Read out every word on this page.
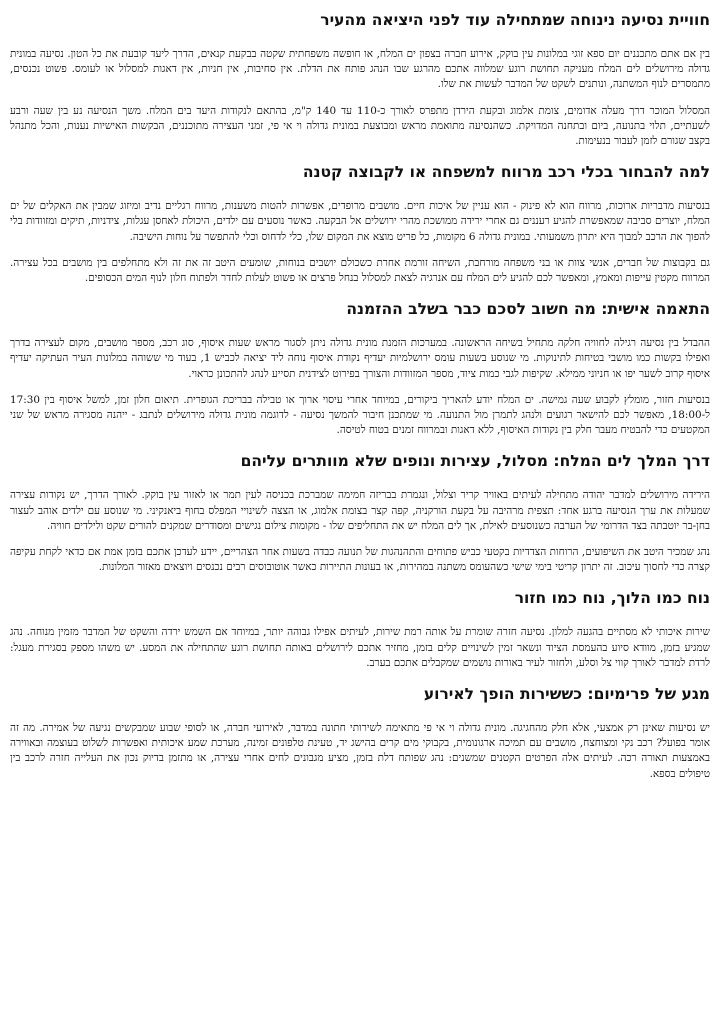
חוויית נסיעה נינוחה שמתחילה עוד לפני היציאה מהעיר

בין אם אתם מתכננים יום ספא זוגי במלונות עין בוקק, אירוע חברה בצפון ים המלח, או חופשה משפחתית שקטה בבקעת קנאים, הדרך ליעד קובעת את כל הטון. נסיעה במונית גדולה מירושלים לים המלח מעניקה תחושת רוגע שמלווה אתכם מהרגע שבו הנהג פותח את הדלת. אין סחיבות, אין חניות, אין דאגות למסלול או לעומס. פשוט נכנסים, מתמסרים לנוף המשתנה, ונותנים לשקט של המדבר לעשות את שלו.

המסלול המוכר דרך מעלה אדומים, צומת אלמוג ובקעת הירדן מתפרס לאורך כ-110 עד 140 ק"מ, בהתאם לנקודות היעד בים המלח. משך הנסיעה נע בין שעה ורבע לשעתיים, תלוי בתנועה, ביום ובתחנה המדויקת. כשהנסיעה מתואמת מראש ומבוצעת במונית גדולה וי אי פי, זמני העצירה מתוכננים, הבקשות האישיות נענות, והכל מתנהל בקצב שגורם לזמן לעבור בנעימות.

למה להבחור בכלי רכב מרווח למשפחה או לקבוצה קטנה

בנסיעות מדבריות ארוכות, מרווח הוא לא פינוק - הוא עניין של איכות חיים. מושבים מרופדים, אפשרות להטות משענות, מרווח רגליים נדיב ומיזוג שמבין את האקלים של ים המלח, יוצרים סביבה שמאפשרת להגיע רעננים גם אחרי ירידה ממושכת מהרי ירושלים אל הבקעה. כאשר נוסעים עם ילדים, היכולת לאחסן עגלות, צידניות, תיקים ומזוודות בלי להפוך את הרכב למבוך היא יתרון משמעותי. במונית גדולה 6 מקומות, כל פריט מוצא את המקום שלו, כלי לדחוס וכלי להתפשר על נוחות הישיבה.

גם בקבוצות של חברים, אנשי צוות או בני משפחה מורחבת, השיחה זורמת אחרת כשכולם יושבים בנוחות, שומעים היטב זה את זה ולא מתחלפים בין מושבים בכל עצירה. המרווח מקטין עייפות ומאמץ, ומאפשר לכם להגיע לים המלח עם אנרגיה לצאת למסלול בנחל פרצים או פשוט לעלות לחדר ולפתוח חלון לנוף המים הכסופים.

התאמה אישית: מה חשוב לסכם כבר בשלב ההזמנה

ההבדל בין נסיעה רגילה לחוויה חלקה מתחיל בשיחה הראשונה. במערכות הזמנת מונית גדולה ניתן לסגור מראש שעות איסוף, סוג רכב, מספר מושבים, מקום לעצירה בדרך ואפילו בקשות כמו מושבי בטיחות לתינוקות. מי שנוסע בשעות עומס ירושלמיות יעדיף נקודת איסוף נוחה ליד יציאה לכביש 1, בעוד מי ששוהה במלונות העיר העתיקה יעדיף איסוף קרוב לשער יפו או חניוני ממילא. שקיפות לגבי כמות ציוד, מספר המזוודות והצורך בפירוט לצידנית תסייע לנהג להתכונן כראוי.

בנסיעות חזור, מומלץ לקבוע שעה גמישה. ים המלח יודע להאריך ביקורים, במיוחד אחרי עיסוי ארוך או טבילה בבריכת הגופרית. תיאום חלון זמן, למשל איסוף בין 17:30 ל-18:00, מאפשר לכם להישאר רגועים ולנהג לתמרן מול התנועה. מי שמתכנן חיבור להמשך נסיעה - לדוגמה מונית גדולה מירושלים לנתבג - ייהנה מסגירה מראש של שני המקטעים כדי להבטיח מעבר חלק בין נקודות האיסוף, ללא דאגות ובמרווח זמנים בטוח לטיסה.

דרך המלך לים המלח: מסלול, עצירות ונופים שלא מוותרים עליהם

הירידה מירושלים למדבר יהודה מתחילה לעיתים באוויר קריר וצלול, ונגמרת בבריזה חמימה שמברכת בכניסה לעין תמר או לאזור עין בוקק. לאורך הדרך, יש נקודות עצירה שמעלות את ערך הנסיעה ברגע אחד: תצפית מרהיבה על בקעת הורקניה, קפה קצר בצומת אלמוג, או הצצה לשינויי המפלס בחוף ביאנקיני. מי שנוסע עם ילדים אוהב לעצור בחן-בר יוטבתה בצד הדרומי של הערבה כשנוסעים לאילת, אך לים המלח יש את התחליפים שלו - מקומות צילום נגישים ומסודרים שמקנים להורים שקט ולילדים חוויה.

נהג שמכיר היטב את השיפועים, הרוחות הצדדיות בקטעי כביש פתוחים והתהנהגות של תנועה כבדה בשעות אחר הצהריים, יידע לעדכן אתכם בזמן אמת אם כדאי לקחת עקיפה קצרה כדי לחסוך עיכוב. זה יתרון קריטי בימי שישי כשהעומס משתנה במהירות, או בעונות התיירות כאשר אוטובוסים רבים נכנסים ויוצאים מאזור המלונות.

נוח כמו הלוך, נוח כמו חזור

שירות איכותי לא מסתיים בהגעה למלון. נסיעה חזרה שומרת על אותה רמת שירות, לעיתים אפילו גבוהה יותר, במיוחד אם השמש ירדה והשקט של המדבר מזמין מנוחה. נהג שמגיע בזמן, מוודא סיוע בהעמסת הציוד ונשאר זמין לשינויים קלים בזמן, מחזיר אתכם לירושלים באותה תחושת רוגע שהתחילה את המסע. יש משהו מספק בסגירת מעגל: לרדת למדבר לאורך קווי צל וסלע, ולחזור לעיר באורות נושמים שמקבלים אתכם בערב.

מגע של פרימיום: כששירות הופך לאירוע

יש נסיעות שאינן רק אמצעי, אלא חלק מהחגיגה. מונית גדולה וי אי פי מתאימה לשירותי חתונה במדבר, לאירועי חברה, או לסופי שבוע שמבקשים נגיעה של אמירה. מה זה אומר בפועל? רכב נקי ומצוחצח, מושבים עם תמיכה ארגונומית, בקבוקי מים קרים בהישג יד, טעינת טלפונים זמינה, מערכת שמע איכותית ואפשרות לשלוט בעוצמה ובאווירה באמצעות תאורה רכה. לעיתים אלה הפרטים הקטנים שמשנים: נהג שפותח דלת בזמן, מציע מגבונים לחים אחרי עצירה, או מתזמן בדיוק נכון את העלייה חזרה לרכב בין טיפולים בספא.
